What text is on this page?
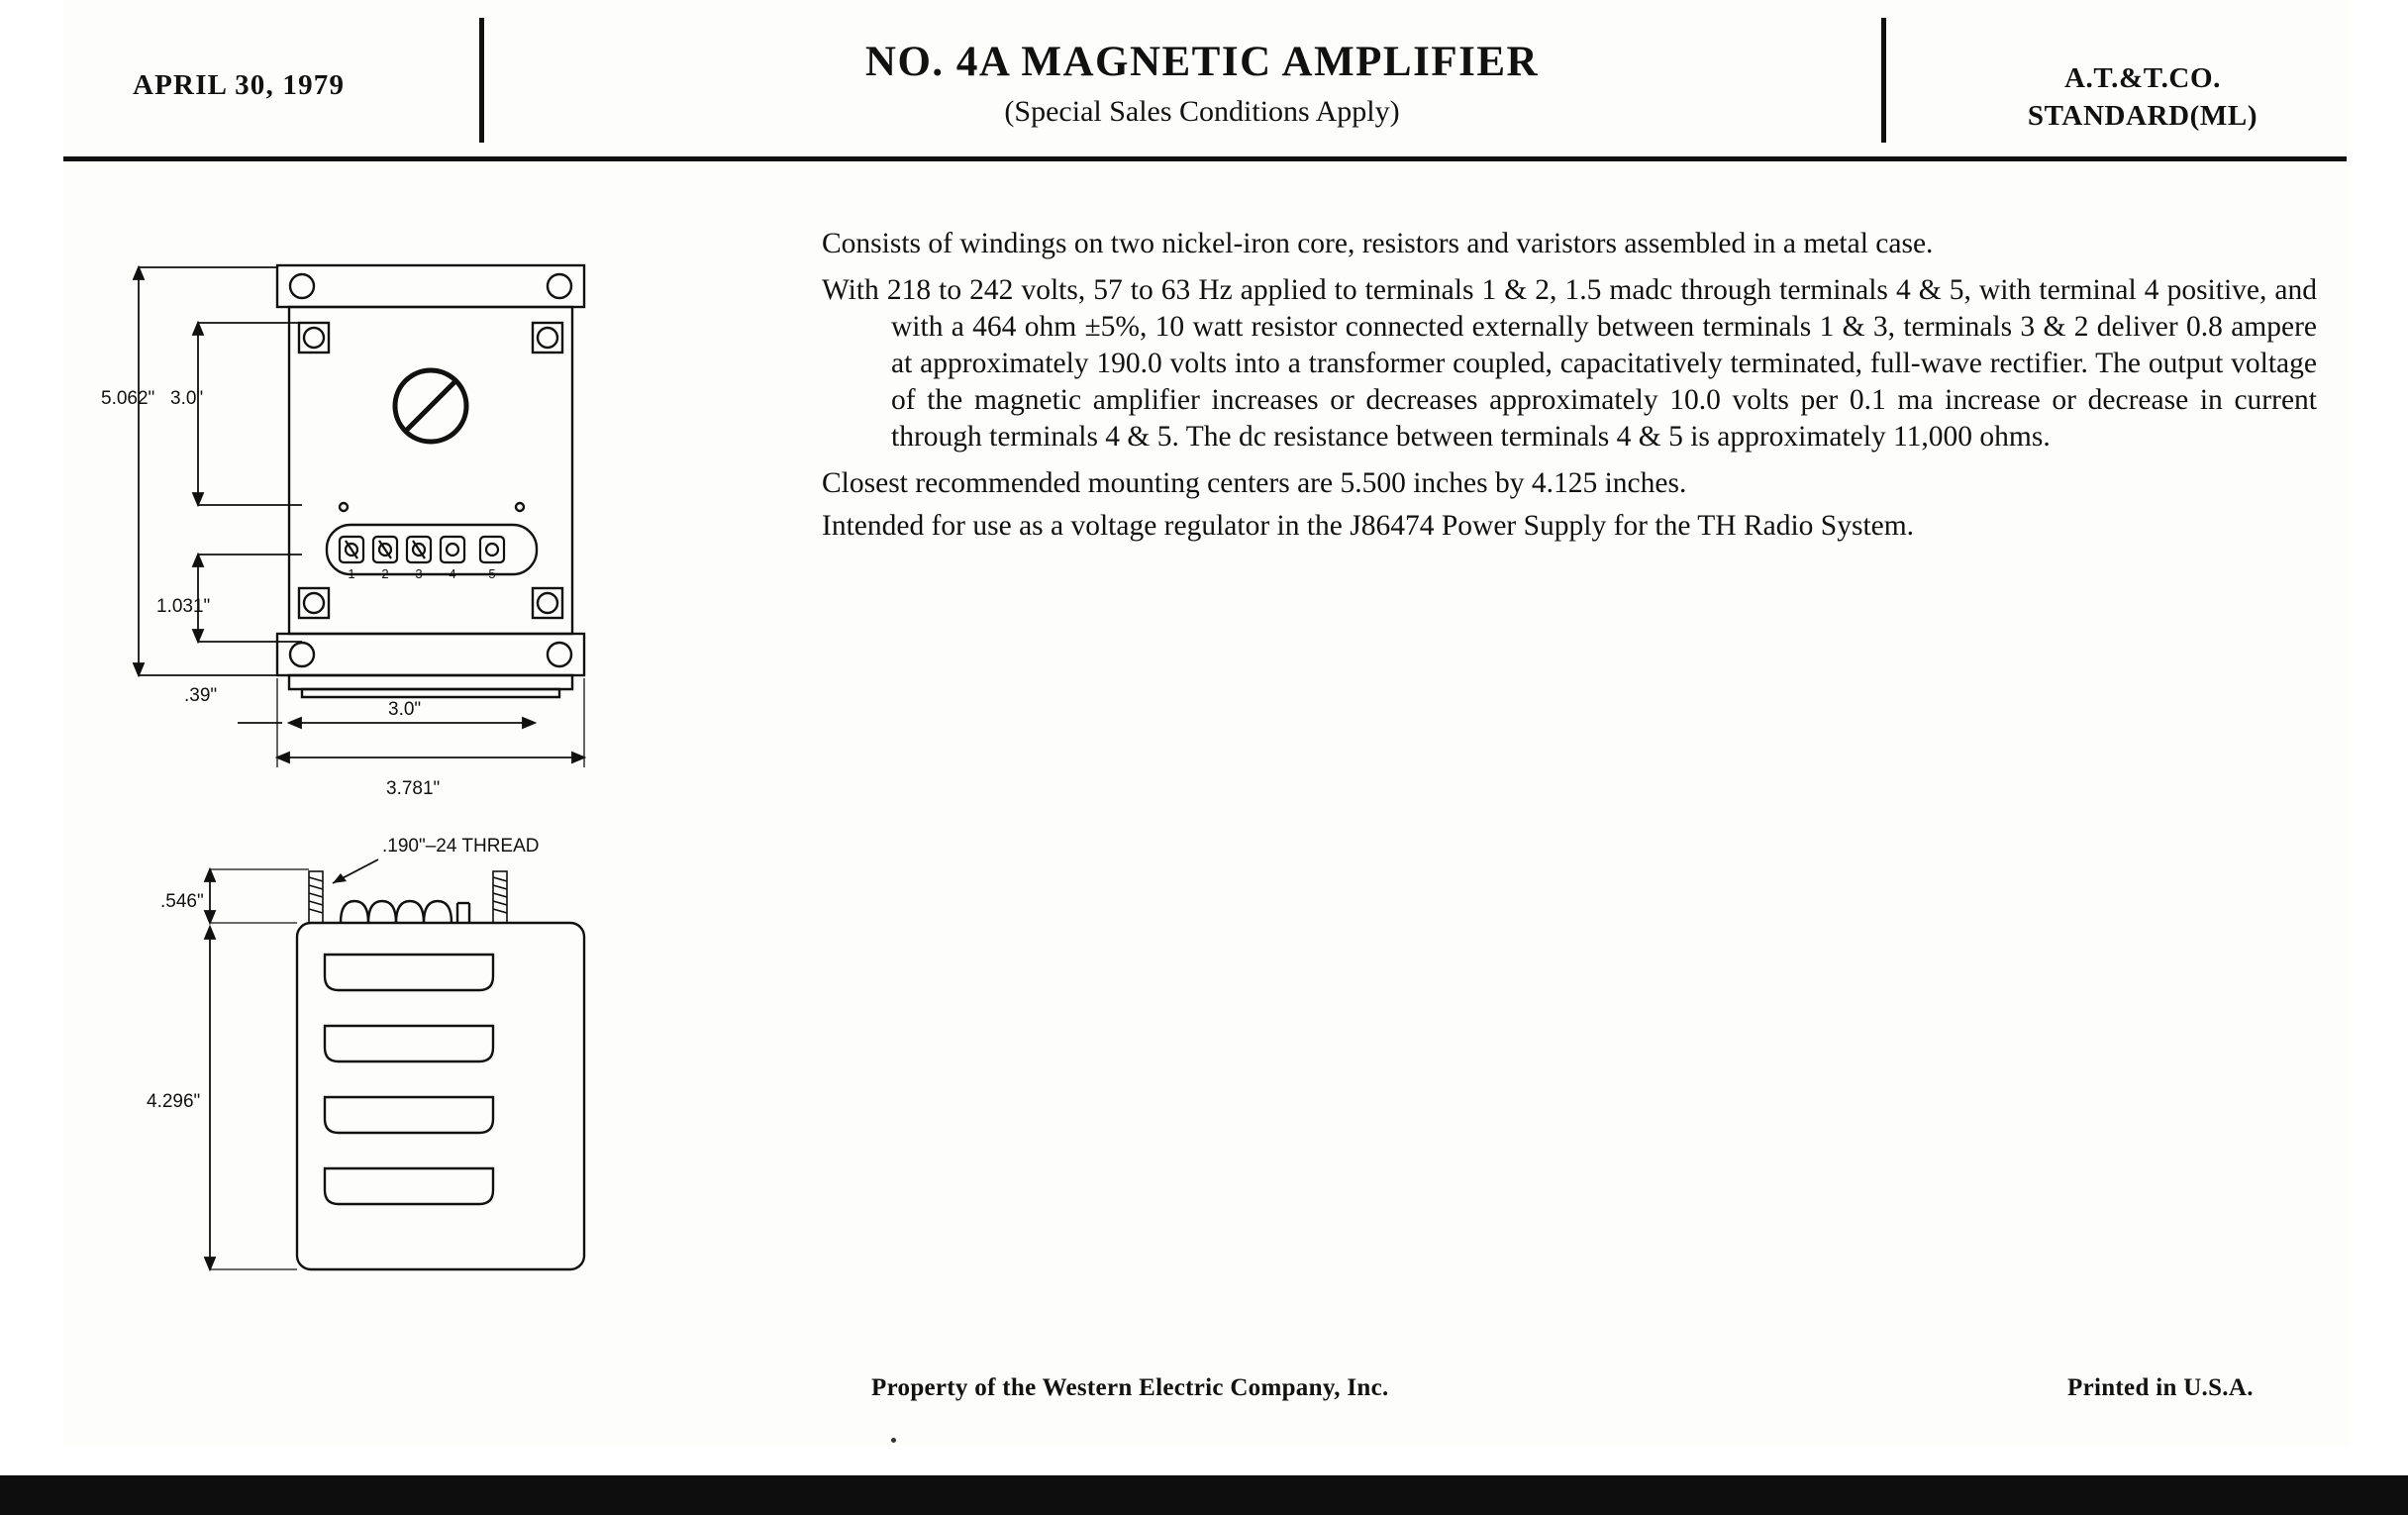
APRIL 30, 1979	NO. 4A MAGNETIC AMPLIFIER
(Special Sales Conditions Apply)
A.T.&T.CO.
STANDARD(ML)
1 2 3 4	5
5.062" 3.0"
1.031"
.39"
3.0"
3.781"
.190"–24 THREAD
.546"
4.296"
Consists of windings on two nickel-iron core, resistors and varistors assembled in a metal case.
With 218 to 242 volts, 57 to 63 Hz applied to terminals 1 & 2, 1.5 madc through terminals 4 & 5, with terminal 4 positive, and with a 464 ohm ±5%, 10 watt resistor connected externally between terminals 1 & 3, terminals 3 & 2 deliver 0.8 ampere at approximately 190.0 volts into a transformer coupled, capacitatively terminated, full-wave rectifier. The output voltage of the magnetic amplifier increases or decreases approximately 10.0 volts per 0.1 ma increase or decrease in current through terminals 4 & 5. The dc resistance between terminals 4 & 5 is approximately 11,000 ohms.
Closest recommended mounting centers are 5.500 inches by 4.125 inches.
Intended for use as a voltage regulator in the J86474 Power Supply for the TH Radio System.
Property of the Western Electric Company, Inc.	Printed in U.S.A.
